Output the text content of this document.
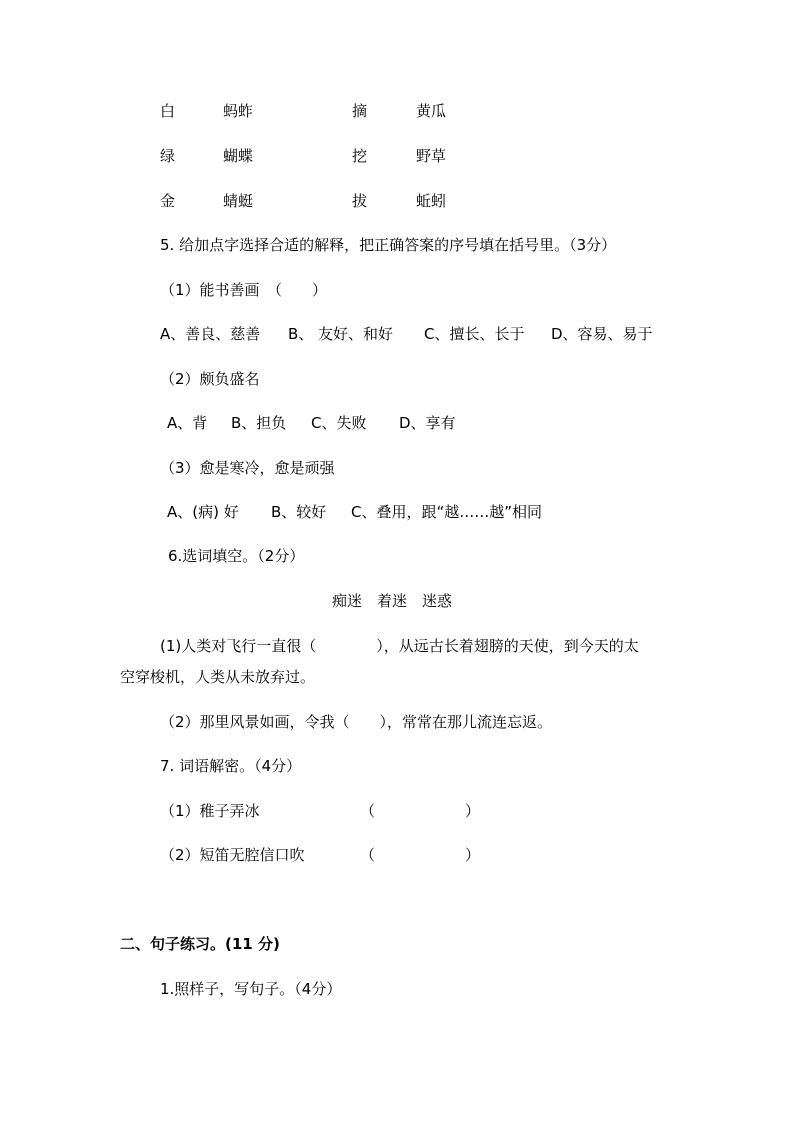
白	蚂蚱	摘	黄瓜
绿	蝴蝶	挖	野草
金	蜻蜓	拔	蚯蚓
5. 给加点字选择合适的解释，把正确答案的序号填在括号里。（3分）
（1）能书善画　（　　）
A、善良、慈善 B、 友好、和好 C、擅长、长于 D、容易、易于
（2）颇负盛名
A、背 B、担负 C、失败 D、享有
（3）愈是寒冷，愈是顽强
A、(病) 好 B、较好 C、叠用，跟“越……越”相同
6.选词填空。（2分）
痴迷　着迷　迷惑
(1)人类对飞行一直很（　　　　），从远古长着翅膀的天使，到今天的太
空穿梭机，人类从未放弃过。
（2）那里风景如画，令我（　　），常常在那儿流连忘返。
7. 词语解密。（4分）
（1）稚子弄冰	（　　　　　　）
（2）短笛无腔信口吹	（　　　　　　）
二、句子练习。(11 分)
1.照样子，写句子。（4分）
